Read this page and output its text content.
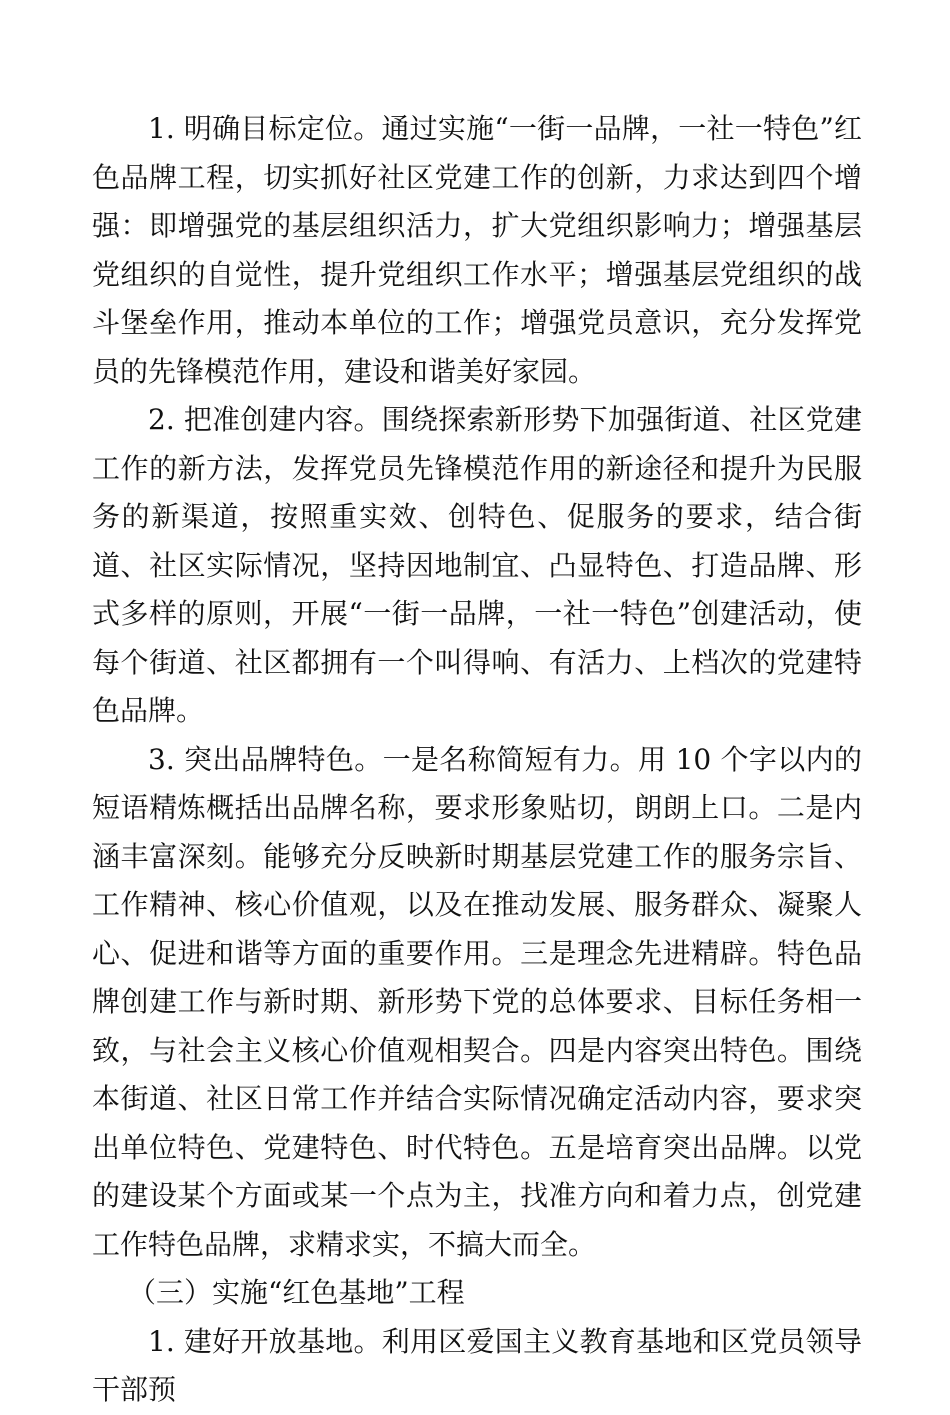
1. 明确目标定位。通过实施“一街一品牌，一社一特色”红色品牌工程，切实抓好社区党建工作的创新，力求达到四个增强：即增强党的基层组织活力，扩大党组织影响力；增强基层党组织的自觉性，提升党组织工作水平；增强基层党组织的战斗堡垒作用，推动本单位的工作；增强党员意识，充分发挥党员的先锋模范作用，建设和谐美好家园。

2. 把准创建内容。围绕探索新形势下加强街道、社区党建工作的新方法，发挥党员先锋模范作用的新途径和提升为民服务的新渠道，按照重实效、创特色、促服务的要求，结合街道、社区实际情况，坚持因地制宜、凸显特色、打造品牌、形式多样的原则，开展“一街一品牌，一社一特色”创建活动，使每个街道、社区都拥有一个叫得响、有活力、上档次的党建特色品牌。

3. 突出品牌特色。一是名称简短有力。用 10 个字以内的短语精炼概括出品牌名称，要求形象贴切，朗朗上口。二是内涵丰富深刻。能够充分反映新时期基层党建工作的服务宗旨、工作精神、核心价值观，以及在推动发展、服务群众、凝聚人心、促进和谐等方面的重要作用。三是理念先进精辟。特色品牌创建工作与新时期、新形势下党的总体要求、目标任务相一致，与社会主义核心价值观相契合。四是内容突出特色。围绕本街道、社区日常工作并结合实际情况确定活动内容，要求突出单位特色、党建特色、时代特色。五是培育突出品牌。以党的建设某个方面或某一个点为主，找准方向和着力点，创党建工作特色品牌，求精求实，不搞大而全。

（三）实施“红色基地”工程

1. 建好开放基地。利用区爱国主义教育基地和区党员领导干部预
